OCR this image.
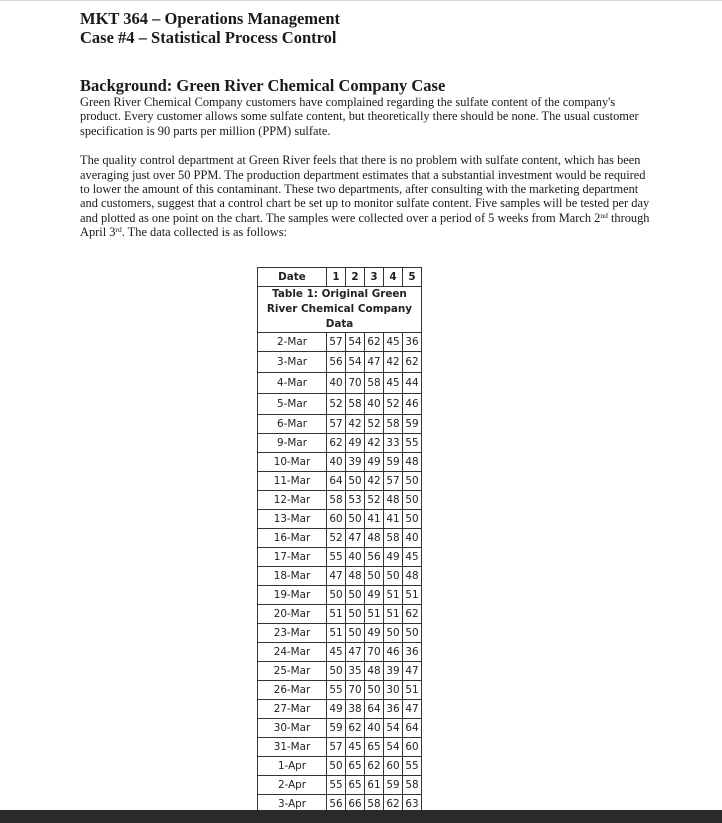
MKT 364 – Operations Management
Case #4 – Statistical Process Control
Background: Green River Chemical Company Case

Green River Chemical Company customers have complained regarding the sulfate content of the company's product. Every customer allows some sulfate content, but theoretically there should be none. The usual customer specification is 90 parts per million (PPM) sulfate.

The quality control department at Green River feels that there is no problem with sulfate content, which has been averaging just over 50 PPM. The production department estimates that a substantial investment would be required to lower the amount of this contaminant. These two departments, after consulting with the marketing department and customers, suggest that a control chart be set up to monitor sulfate content. Five samples will be tested per day and plotted as one point on the chart. The samples were collected over a period of 5 weeks from March 2nd through April 3rd. The data collected is as follows:

Table 1: Original Green River Chemical Company Data					
Date	1	2	3	4	5
2-Mar	57	54	62	45	36
3-Mar	56	54	47	42	62
4-Mar	40	70	58	45	44
5-Mar	52	58	40	52	46
6-Mar	57	42	52	58	59
9-Mar	62	49	42	33	55
10-Mar	40	39	49	59	48
11-Mar	64	50	42	57	50
12-Mar	58	53	52	48	50
13-Mar	60	50	41	41	50
16-Mar	52	47	48	58	40
17-Mar	55	40	56	49	45
18-Mar	47	48	50	50	48
19-Mar	50	50	49	51	51
20-Mar	51	50	51	51	62
23-Mar	51	50	49	50	50
24-Mar	45	47	70	46	36
25-Mar	50	35	48	39	47
26-Mar	55	70	50	30	51
27-Mar	49	38	64	36	47
30-Mar	59	62	40	54	64
31-Mar	57	45	65	54	60
1-Apr	50	65	62	60	55
2-Apr	55	65	61	59	58
3-Apr	56	66	58	62	63
